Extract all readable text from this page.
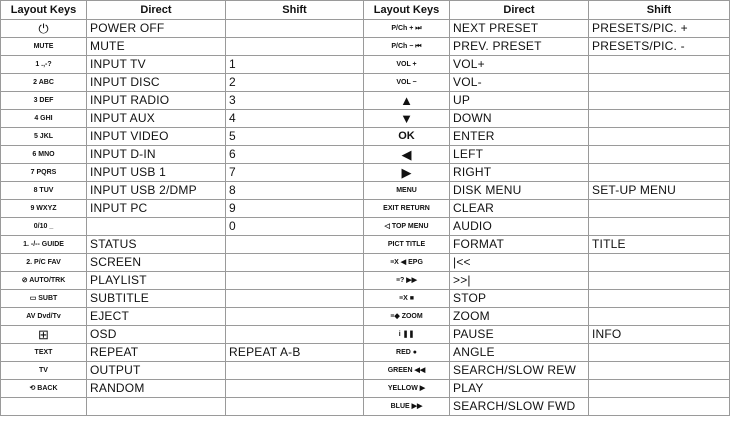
Layout Keys	Direct	Shift	Layout Keys	Direct	Shift
⏻	POWER OFF		P/Ch + ⏭	NEXT PRESET	PRESETS/PIC. +
MUTE	MUTE		P/Ch − ⏮	PREV. PRESET	PRESETS/PIC. -
1 .,-?	INPUT TV	1	VOL +	VOL+	
2 ABC	INPUT DISC	2	VOL −	VOL-	
3 DEF	INPUT RADIO	3	▲	UP	
4 GHI	INPUT AUX	4	▼	DOWN	
5 JKL	INPUT VIDEO	5	OK	ENTER	
6 MNO	INPUT D-IN	6	◀	LEFT	
7 PQRS	INPUT USB 1	7	▶	RIGHT	
8 TUV	INPUT USB 2/DMP	8	MENU	DISK MENU	SET-UP MENU
9 WXYZ	INPUT PC	9	EXIT RETURN	CLEAR	
0/10 _		0	◁ TOP MENU	AUDIO	
1. -/-- GUIDE	STATUS		PICT TITLE	FORMAT	TITLE
2. P/C FAV	SCREEN		≡X ◀ EPG	|<<	
⊘ AUTO/TRK	PLAYLIST		≡? ▶▶	>>|	
▭ SUBT	SUBTITLE		≡X ■	STOP	
AV Dvd/Tv	EJECT		≡◆ ZOOM	ZOOM	
⊞	OSD		i ❚❚	PAUSE	INFO
TEXT	REPEAT	REPEAT A-B	RED ●	ANGLE	
TV	OUTPUT		GREEN ◀◀	SEARCH/SLOW REW	
⟲ BACK	RANDOM		YELLOW ▶	PLAY	
			BLUE ▶▶	SEARCH/SLOW FWD	
